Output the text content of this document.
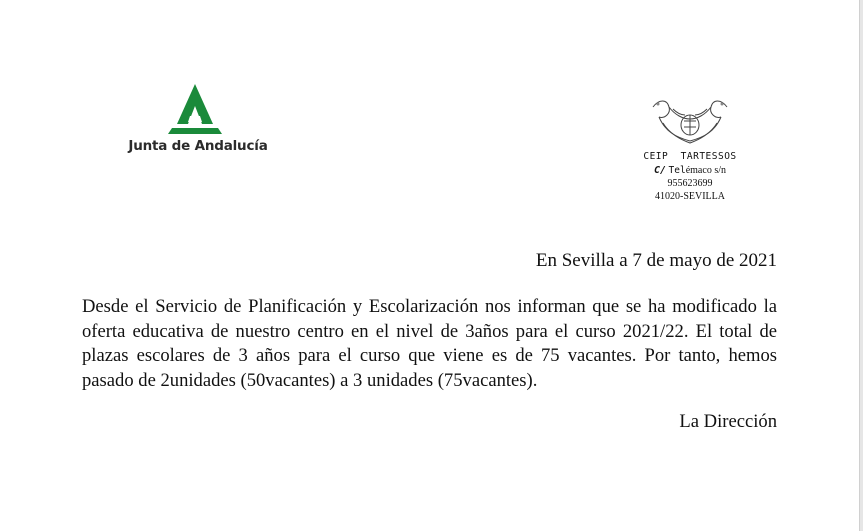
Junta de Andalucía
CEIP  TARTESSOS
C/ Telémaco s/n
955623699
41020-SEVILLA
En Sevilla a 7 de mayo de 2021
Desde el Servicio de Planificación y Escolarización nos informan que se ha modificado la oferta educativa de nuestro centro en el nivel de 3años para el curso 2021/22. El total de plazas escolares de 3 años para el curso que viene es de 75 vacantes. Por tanto, hemos pasado de 2unidades (50vacantes) a 3 unidades (75vacantes).
La Dirección
